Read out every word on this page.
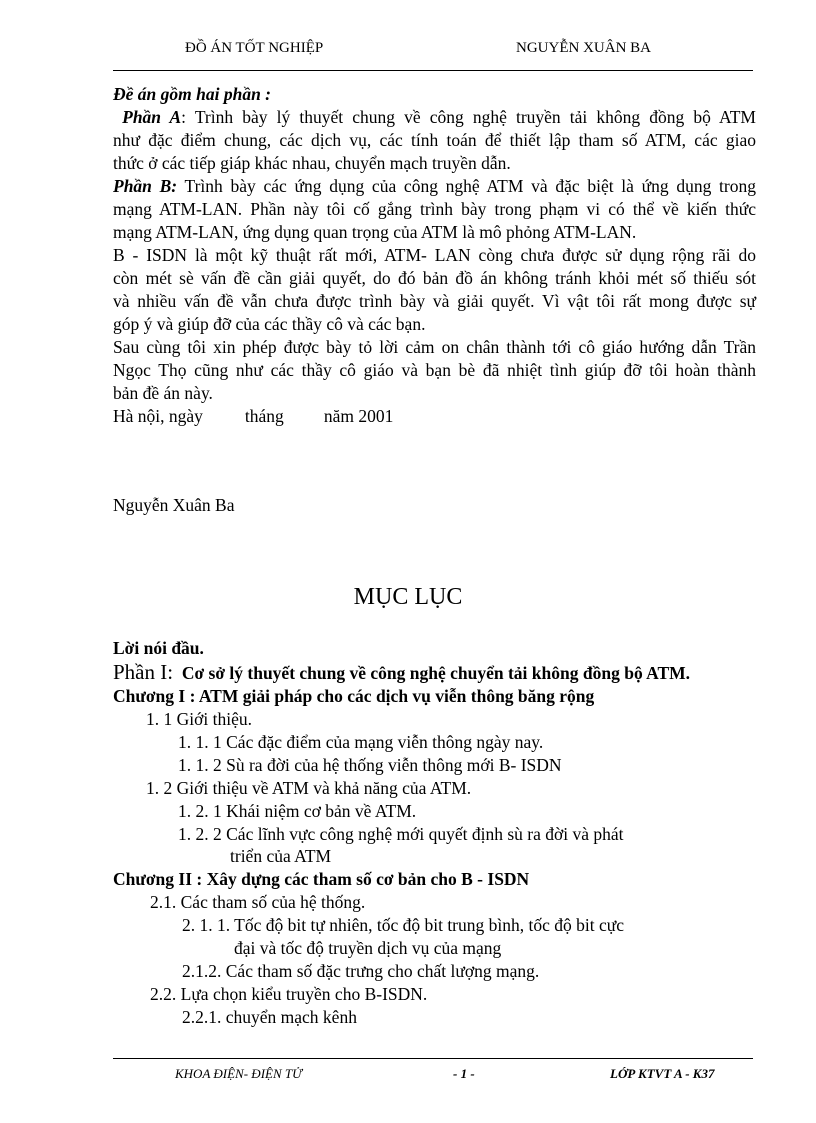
ĐỒ ÁN TỐT NGHIỆP	NGUYỄN XUÂN BA
Đề án gồm hai phần :
Phần A: Trình bày lý thuyết chung về công nghệ truyền tải không đồng bộ ATM
như đặc điểm chung, các dịch vụ, các tính toán để thiết lập tham số ATM, các giao
thức ở các tiếp giáp khác nhau, chuyển mạch truyền dẫn.
Phần B: Trình bày các ứng dụng của công nghệ ATM và đặc biệt là ứng dụng trong
mạng ATM-LAN. Phần này tôi cố gắng trình bày trong phạm vi có thể về kiến thức
mạng ATM-LAN, ứng dụng quan trọng của ATM là mô phỏng ATM-LAN.
B - ISDN là một kỹ thuật rất mới, ATM- LAN còng chưa được sử dụng rộng rãi do
còn mét sè vấn đề cần giải quyết, do đó bản đồ án không tránh khỏi mét số thiếu sót
và nhiều vấn đề vẫn chưa được trình bày và giải quyết. Vì vật tôi rất mong được sự
góp ý và giúp đỡ của các thầy cô và các bạn.
Sau cùng tôi xin phép được bày tỏ lời cảm on chân thành tới cô giáo hướng dẫn Trần
Ngọc Thọ cũng như các thầy cô giáo và bạn bè đã nhiệt tình giúp đỡ tôi hoàn thành
bản đề án này.
Hà nội, ngày tháng năm 2001
Nguyễn Xuân Ba
MỤC LỤC
Lời nói đầu.
Phần I: Cơ sở lý thuyết chung về công nghệ chuyển tải không đồng bộ ATM.
Chương I : ATM giải pháp cho các dịch vụ viễn thông băng rộng
1. 1 Giới thiệu.
1. 1. 1 Các đặc điểm của mạng viễn thông ngày nay.
1. 1. 2 Sù ra đời của hệ thống viễn thông mới B- ISDN
1. 2 Giới thiệu về ATM và khả năng của ATM.
1. 2. 1 Khái niệm cơ bản về ATM.
1. 2. 2 Các lĩnh vực công nghệ mới quyết định sù ra đời và phát
triển của ATM
Chương II : Xây dựng các tham số cơ bản cho B - ISDN
2.1. Các tham số của hệ thống.
2. 1. 1. Tốc độ bit tự nhiên, tốc độ bit trung bình, tốc độ bit cực
đại và tốc độ truyền dịch vụ của mạng
2.1.2. Các tham số đặc trưng cho chất lượng mạng.
2.2. Lựa chọn kiểu truyền cho B-ISDN.
2.2.1. chuyển mạch kênh
KHOA ĐIỆN- ĐIỆN TỬ	- 1 -	LỚP KTVT A - K37
